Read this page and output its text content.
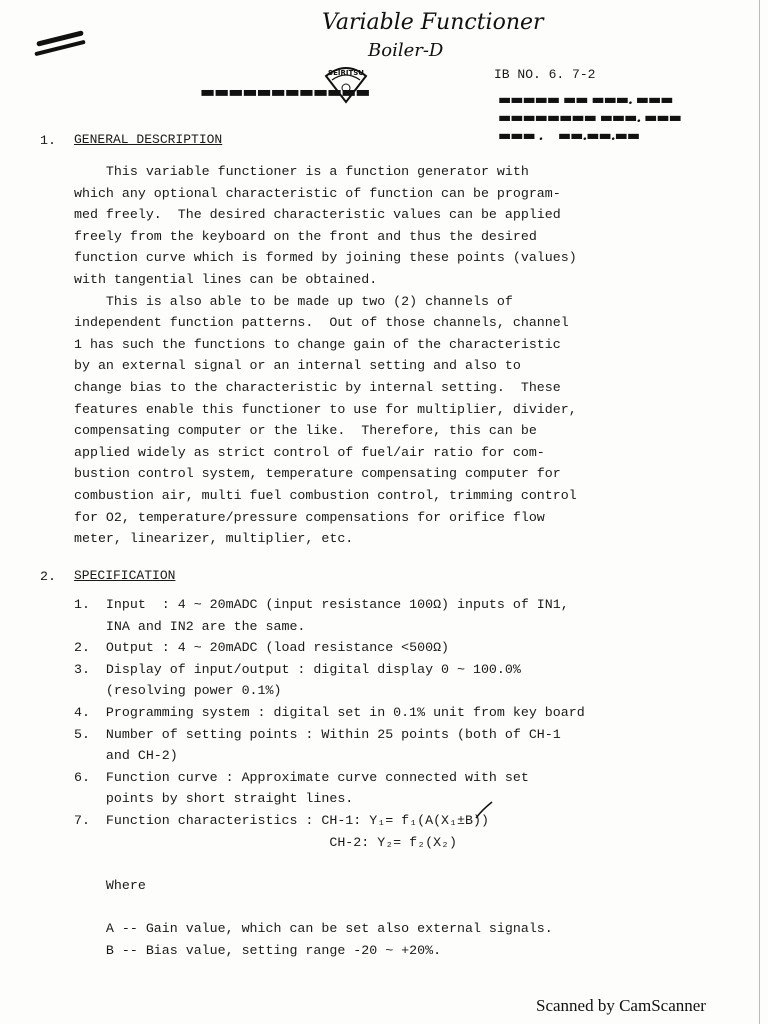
Variable Functioner
Boiler-D
▬▬▬▬▬▬▬▬▬▬▬▬
SEIRITSU	IB NO. 6. 7-2
▬▬▬▬▬ ▬▬ ▬▬▬. ▬▬▬
▬▬▬▬▬▬▬▬ ▬▬▬. ▬▬▬
▬▬▬ .    ▬▬.▬▬.▬▬
1. GENERAL DESCRIPTION
This variable functioner is a function generator with
which any optional characteristic of function can be program-
med freely.  The desired characteristic values can be applied
freely from the keyboard on the front and thus the desired
function curve which is formed by joining these points (values)
with tangential lines can be obtained.
This is also able to be made up two (2) channels of
independent function patterns.  Out of those channels, channel
1 has such the functions to change gain of the characteristic
by an external signal or an internal setting and also to
change bias to the characteristic by internal setting.  These
features enable this functioner to use for multiplier, divider,
compensating computer or the like.  Therefore, this can be
applied widely as strict control of fuel/air ratio for com-
bustion control system, temperature compensating computer for
combustion air, multi fuel combustion control, trimming control
for O2, temperature/pressure compensations for orifice flow
meter, linearizer, multiplier, etc.
2. SPECIFICATION
1.  Input  : 4 ~ 20mADC (input resistance 100Ω) inputs of IN1,
INA and IN2 are the same.
2.  Output : 4 ~ 20mADC (load resistance <500Ω)
3.  Display of input/output : digital display 0 ~ 100.0%
(resolving power 0.1%)
4.  Programming system : digital set in 0.1% unit from key board
5.  Number of setting points : Within 25 points (both of CH-1
and CH-2)
6.  Function curve : Approximate curve connected with set
points by short straight lines.
7.  Function characteristics : CH-1: Y₁= f₁(A(X₁±B))
CH-2: Y₂= f₂(X₂)

Where

A -- Gain value, which can be set also external signals.
B -- Bias value, setting range -20 ~ +20%.
Scanned by CamScanner
